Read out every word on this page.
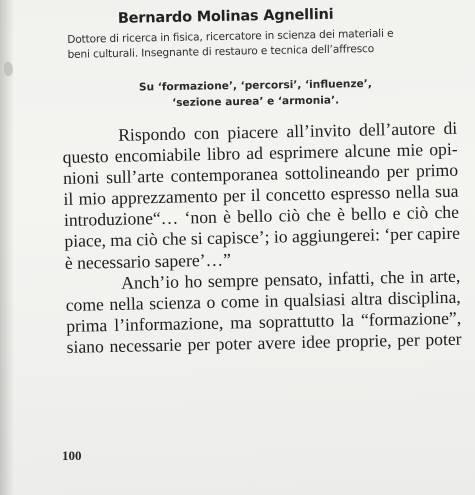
Bernardo Molinas Agnellini
Dottore di ricerca in fisica, ricercatore in scienza dei materiali e
beni culturali. Insegnante di restauro e tecnica dell’affresco
Su ‘formazione’, ‘percorsi’, ‘influenze’,
‘sezione aurea’ e ‘armonia’.
Rispondo con piacere all’invito dell’autore di
questo encomiabile libro ad esprimere alcune mie opi-
nioni sull’arte contemporanea sottolineando per primo
il mio apprezzamento per il concetto espresso nella sua
introduzione“… ‘non è bello ciò che è bello e ciò che
piace, ma ciò che si capisce’; io aggiungerei: ‘per capire
è necessario sapere’…”
Anch’io ho sempre pensato, infatti, che in arte,
come nella scienza o come in qualsiasi altra disciplina,
prima l’informazione, ma soprattutto la “formazione”,
siano necessarie per poter avere idee proprie, per poter
100
